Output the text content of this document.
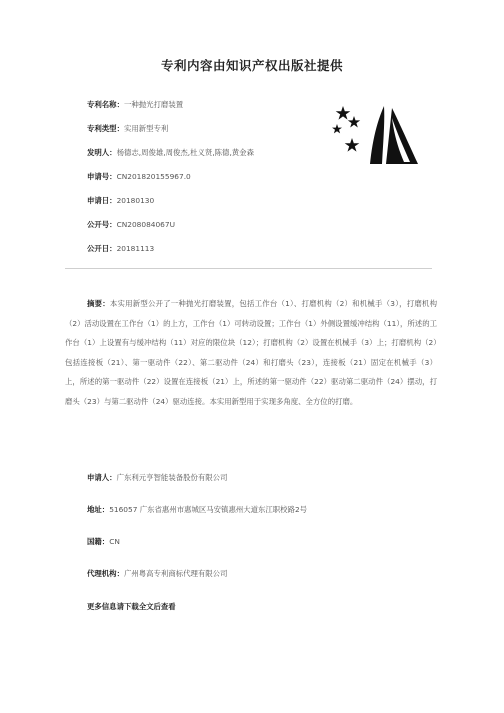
专利内容由知识产权出版社提供
专利名称：一种抛光打磨装置
专利类型：实用新型专利
发明人：杨德志,周俊雄,周俊杰,杜义贤,陈德,黄金森
申请号：CN201820155967.0
申请日：20180130
公开号：CN208084067U
公开日：20181113
摘要：本实用新型公开了一种抛光打磨装置，包括工作台（1）、打磨机构（2）和机械手（3），打磨机构（2）活动设置在工作台（1）的上方，工作台（1）可转动设置；工作台（1）外侧设置缓冲结构（11），所述的工作台（1）上设置有与缓冲结构（11）对应的限位块（12）；打磨机构（2）设置在机械手（3）上；打磨机构（2）包括连接板（21）、第一驱动件（22）、第二驱动件（24）和打磨头（23），连接板（21）固定在机械手（3）上，所述的第一驱动件（22）设置在连接板（21）上，所述的第一驱动件（22）驱动第二驱动件（24）摆动，打磨头（23）与第二驱动件（24）驱动连接。本实用新型用于实现多角度、全方位的打磨。
申请人：广东利元亨智能装备股份有限公司
地址：516057 广东省惠州市惠城区马安镇惠州大道东江职校路2号
国籍：CN
代理机构：广州粤高专利商标代理有限公司
更多信息请下载全文后查看
